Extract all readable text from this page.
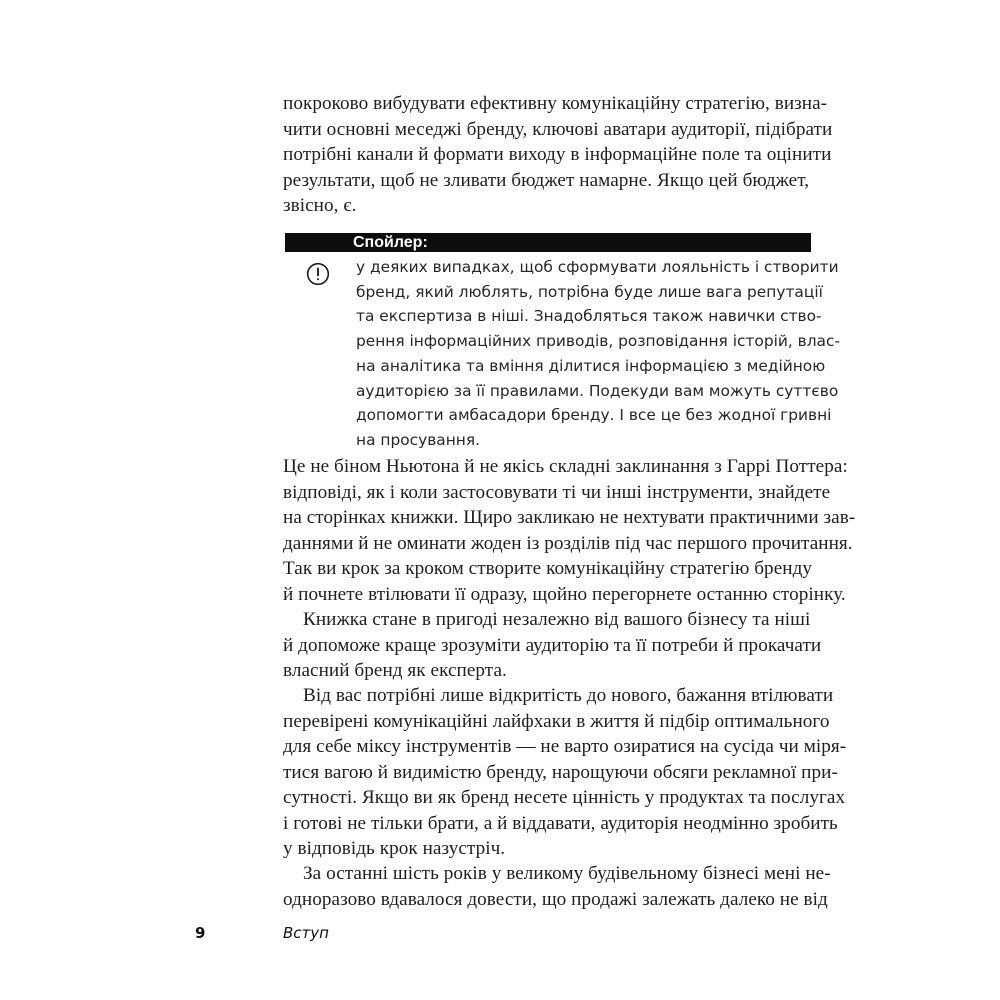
покроково вибудувати ефективну комунікаційну стратегію, визна-
чити основні меседжі бренду, ключові аватари аудиторії, підібрати
потрібні канали й формати виходу в інформаційне поле та оцінити
результати, щоб не зливати бюджет намарне. Якщо цей бюджет,
звісно, є.

Спойлер:

у деяких випадках, щоб сформувати лояльність і створити
бренд, який люблять, потрібна буде лише вага репутації
та експертиза в ніші. Знадобляться також навички ство-
рення інформаційних приводів, розповідання історій, влас-
на аналітика та вміння ділитися інформацією з медійною
аудиторією за її правилами. Подекуди вам можуть суттєво
допомогти амбасадори бренду. І все це без жодної гривні
на просування.

Це не біном Ньютона й не якісь складні заклинання з Гаррі Поттера:
відповіді, як і коли застосовувати ті чи інші інструменти, знайдете
на сторінках книжки. Щиро закликаю не нехтувати практичними зав-
даннями й не оминати жоден із розділів під час першого прочитання.
Так ви крок за кроком створите комунікаційну стратегію бренду
й почнете втілювати її одразу, щойно перегорнете останню сторінку.

Книжка стане в пригоді незалежно від вашого бізнесу та ніші
й допоможе краще зрозуміти аудиторію та її потреби й прокачати
власний бренд як експерта.

Від вас потрібні лише відкритість до нового, бажання втілювати
перевірені комунікаційні лайфхаки в життя й підбір оптимального
для себе міксу інструментів — не варто озиратися на сусіда чи міря-
тися вагою й видимістю бренду, нарощуючи обсяги рекламної при-
сутності. Якщо ви як бренд несете цінність у продуктах та послугах
і готові не тільки брати, а й віддавати, аудиторія неодмінно зробить
у відповідь крок назустріч.

За останні шість років у великому будівельному бізнесі мені не-
одноразово вдавалося довести, що продажі залежать далеко не від

9	Вступ
